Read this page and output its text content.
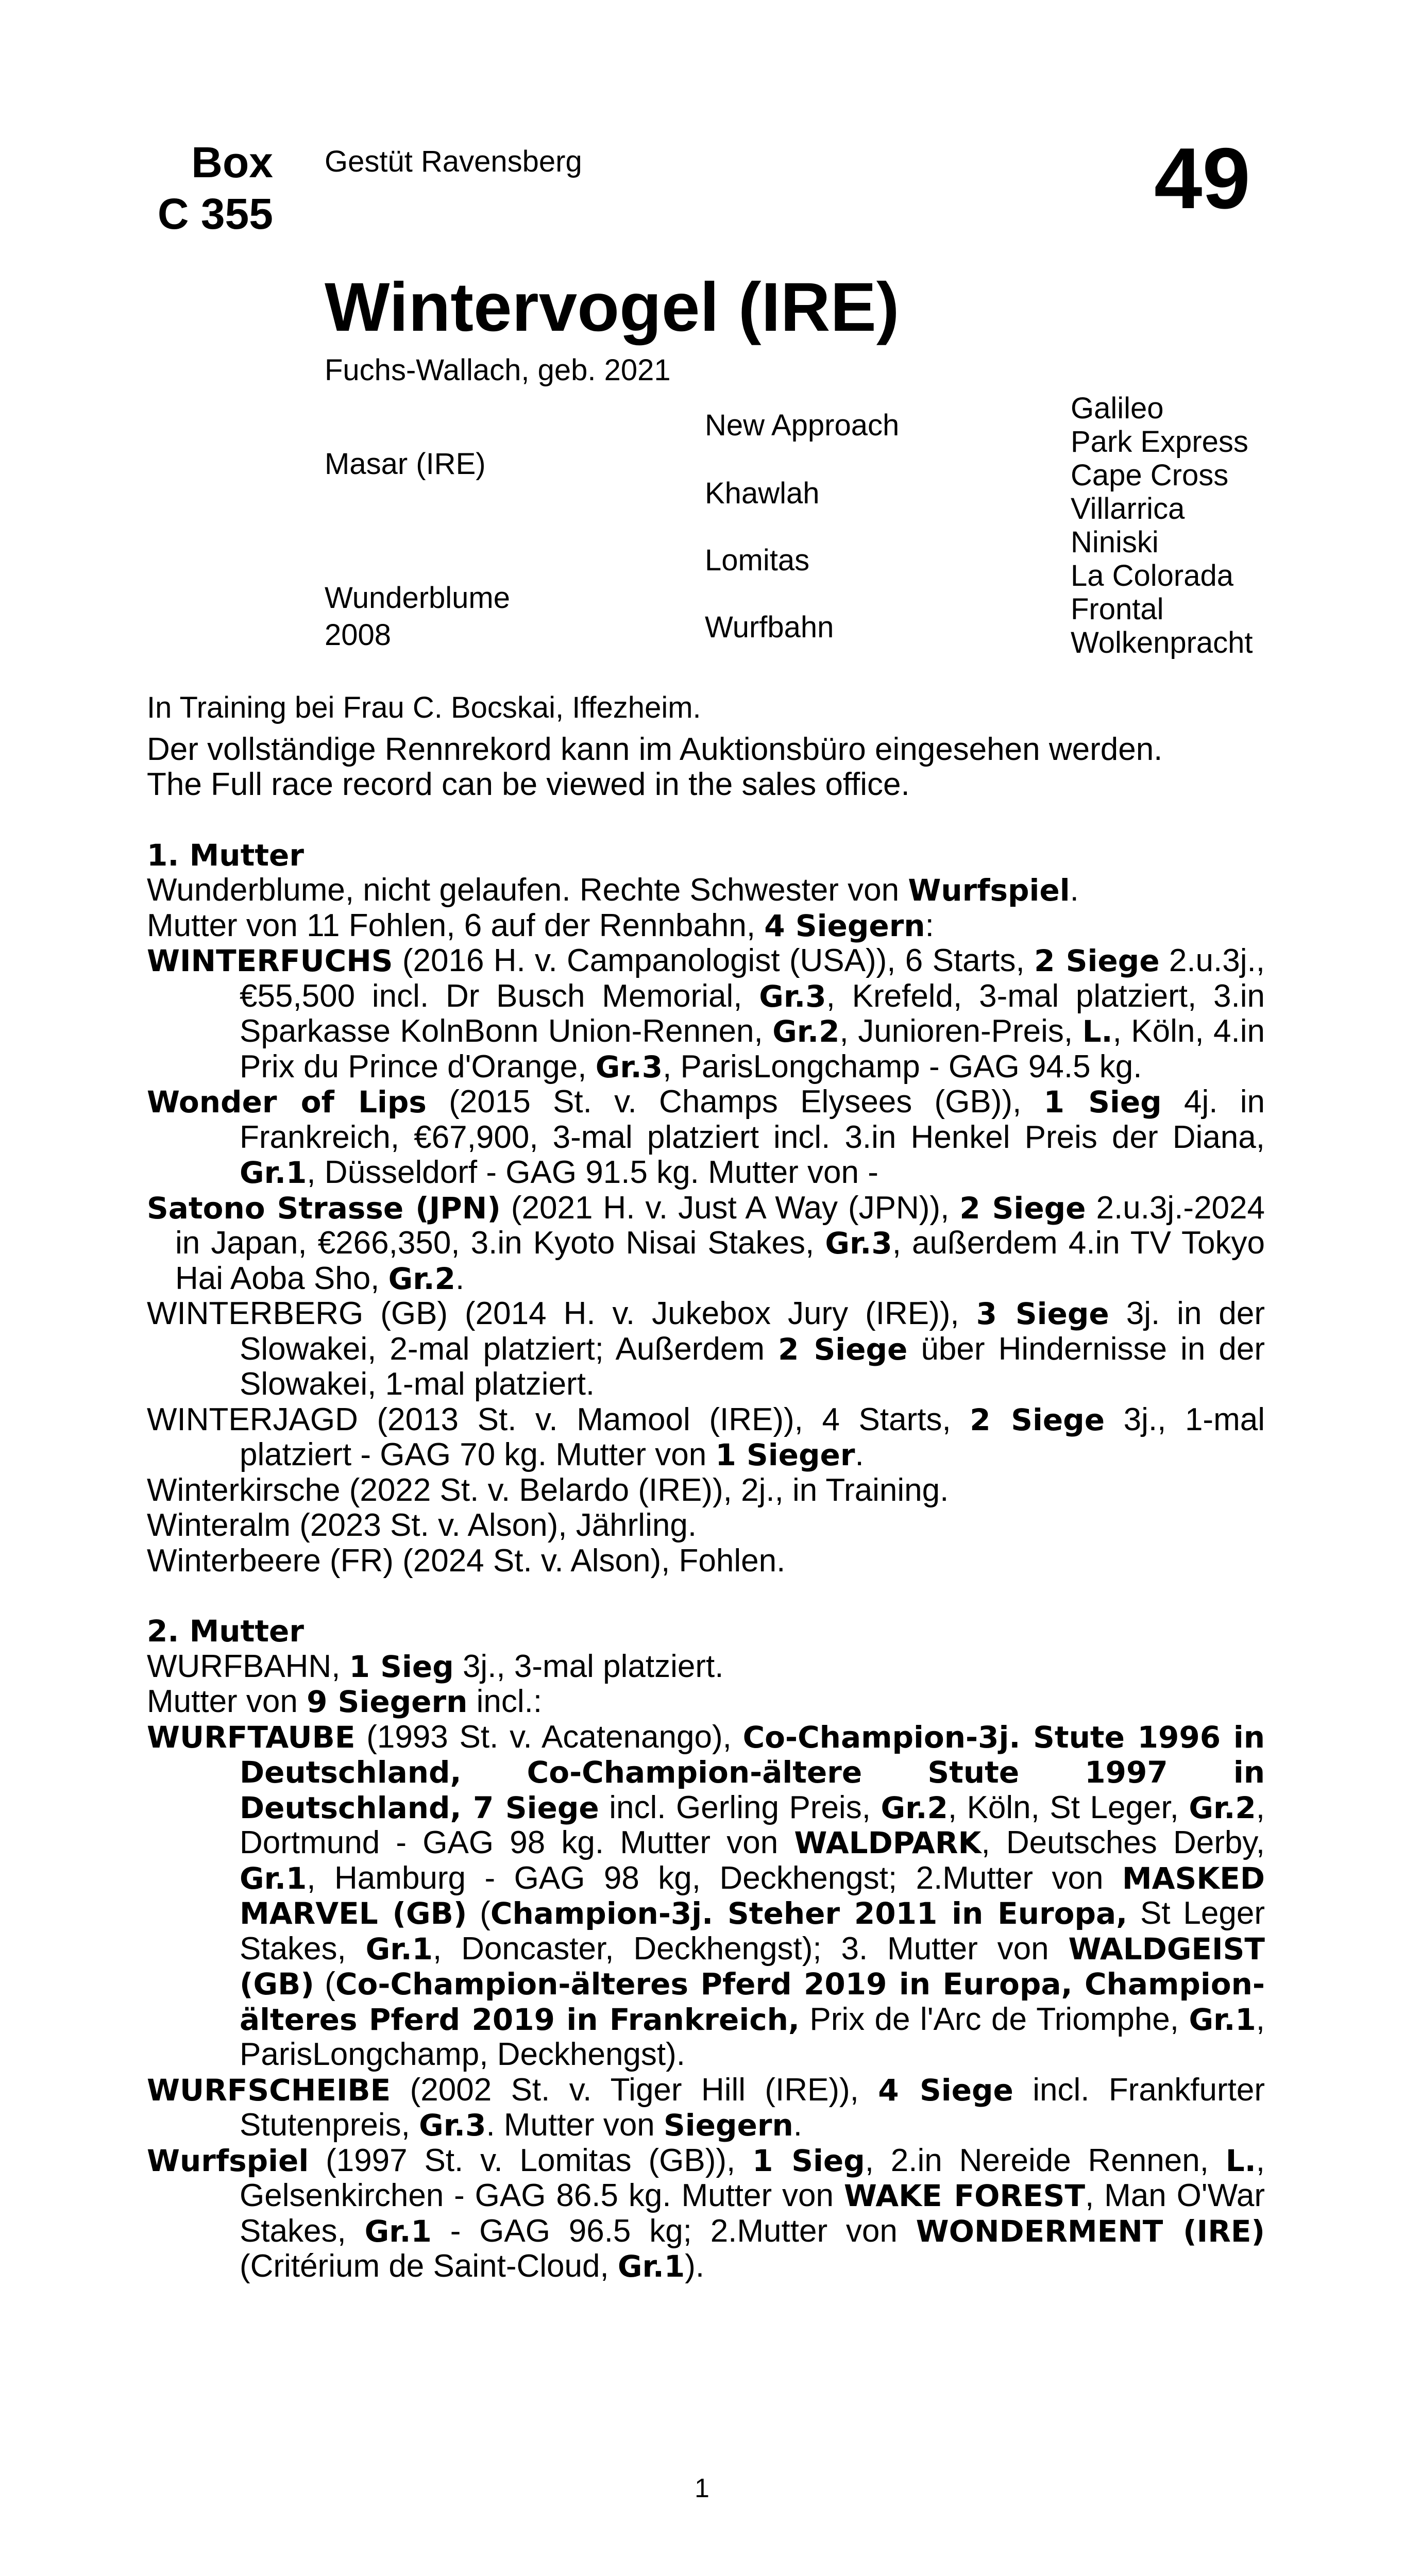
Box
C 355
Gestüt Ravensberg	49
Wintervogel (IRE)
Fuchs-Wallach, geb. 2021
Masar (IRE)
Wunderblume
2008
New Approach
Khawlah
Lomitas
Wurfbahn
Galileo
Park Express
Cape Cross
Villarrica
Niniski
La Colorada
Frontal
Wolkenpracht

In Training bei Frau C. Bocskai, Iffezheim.

Der vollständige Rennrekord kann im Auktionsbüro eingesehen werden.

The Full race record can be viewed in the sales office.

1. Mutter

Wunderblume, nicht gelaufen. Rechte Schwester von Wurfspiel.

Mutter von 11 Fohlen, 6 auf der Rennbahn, 4 Siegern:

WINTERFUCHS (2016 H. v. Campanologist (USA)), 6 Starts, 2 Siege 2.u.3j., €55,500 incl. Dr Busch Memorial, Gr.3, Krefeld, 3-mal platziert, 3.in Sparkasse KolnBonn Union-Rennen, Gr.2, Junioren-Preis, L., Köln, 4.in Prix du Prince d'Orange, Gr.3, ParisLongchamp - GAG 94.5 kg.

Wonder of Lips (2015 St. v. Champs Elysees (GB)), 1 Sieg 4j. in Frankreich, €67,900, 3-mal platziert incl. 3.in Henkel Preis der Diana, Gr.1, Düsseldorf - GAG 91.5 kg. Mutter von -

Satono Strasse (JPN) (2021 H. v. Just A Way (JPN)), 2 Siege 2.u.3j.-2024 in Japan, €266,350, 3.in Kyoto Nisai Stakes, Gr.3, außerdem 4.in TV Tokyo Hai Aoba Sho, Gr.2.

WINTERBERG (GB) (2014 H. v. Jukebox Jury (IRE)), 3 Siege 3j. in der Slowakei, 2-mal platziert; Außerdem 2 Siege über Hindernisse in der Slowakei, 1-mal platziert.

WINTERJAGD (2013 St. v. Mamool (IRE)), 4 Starts, 2 Siege 3j., 1-mal platziert - GAG 70 kg. Mutter von 1 Sieger.

Winterkirsche (2022 St. v. Belardo (IRE)), 2j., in Training.

Winteralm (2023 St. v. Alson), Jährling.

Winterbeere (FR) (2024 St. v. Alson), Fohlen.

2. Mutter

WURFBAHN, 1 Sieg 3j., 3-mal platziert.

Mutter von 9 Siegern incl.:

WURFTAUBE (1993 St. v. Acatenango), Co-Champion-3j. Stute 1996 in Deutschland, Co-Champion-ältere Stute 1997 in Deutschland, 7 Siege incl. Gerling Preis, Gr.2, Köln, St Leger, Gr.2, Dortmund - GAG 98 kg. Mutter von WALDPARK, Deutsches Derby, Gr.1, Hamburg - GAG 98 kg, Deckhengst; 2.Mutter von MASKED MARVEL (GB) (Champion-3j. Steher 2011 in Europa, St Leger Stakes, Gr.1, Doncaster, Deckhengst); 3. Mutter von WALDGEIST (GB) (Co-Champion-älteres Pferd 2019 in Europa, Champion-älteres Pferd 2019 in Frankreich, Prix de l'Arc de Triomphe, Gr.1, ParisLongchamp, Deckhengst).

WURFSCHEIBE (2002 St. v. Tiger Hill (IRE)), 4 Siege incl. Frankfurter Stutenpreis, Gr.3. Mutter von Siegern.

Wurfspiel (1997 St. v. Lomitas (GB)), 1 Sieg, 2.in Nereide Rennen, L., Gelsenkirchen - GAG 86.5 kg. Mutter von WAKE FOREST, Man O'War Stakes, Gr.1 - GAG 96.5 kg; 2.Mutter von WONDERMENT (IRE) (Critérium de Saint-Cloud, Gr.1).

1
